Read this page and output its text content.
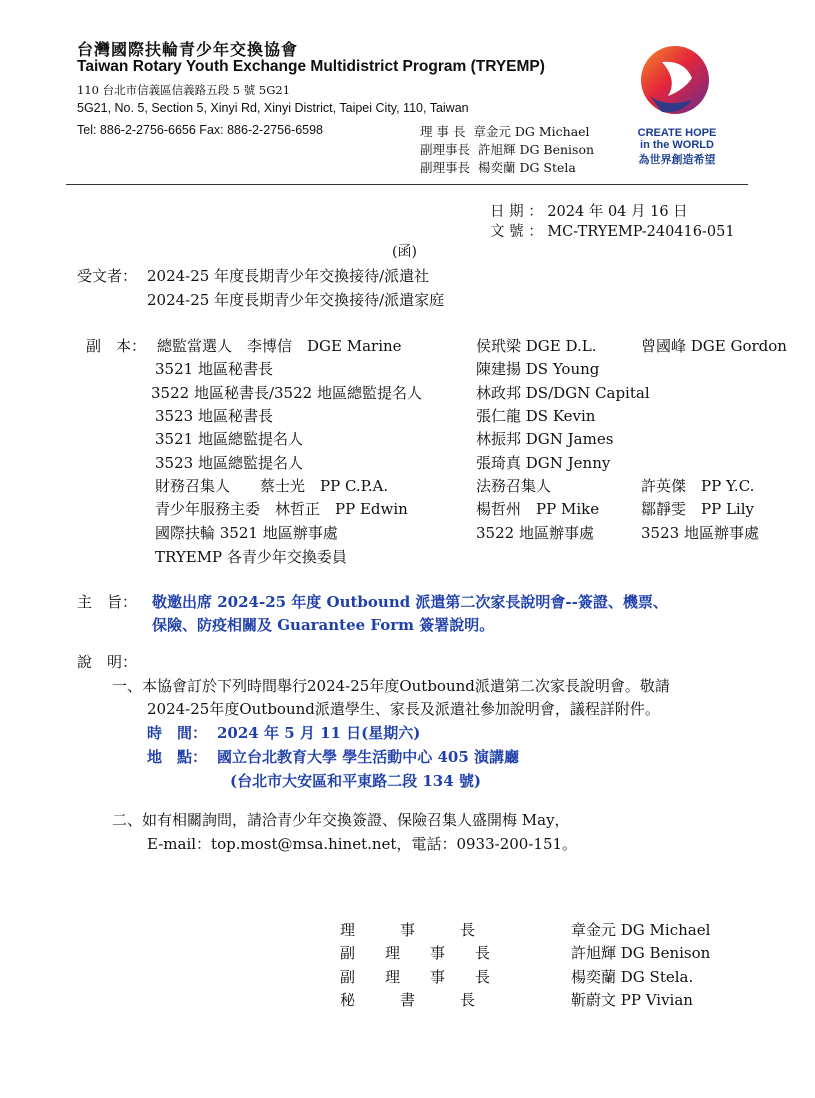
台灣國際扶輪青少年交換協會
Taiwan Rotary Youth Exchange Multidistrict Program (TRYEMP)
110 台北市信義區信義路五段 5 號 5G21
5G21, No. 5, Section 5, Xinyi Rd, Xinyi District, Taipei City, 110, Taiwan
Tel: 886-2-2756-6656 Fax: 886-2-2756-6598	理 事 長 章金元 DG Michael
副理事長 許旭輝 DG Benison
副理事長 楊奕蘭 DG Stela
CREATE HOPE
in the WORLD
為世界創造希望
日 期 ： 2024 年 04 月 16 日
文 號 ： MC-TRYEMP-240416-051
(函)
受文者： 2024-25 年度長期青少年交換接待/派遣社
2024-25 年度長期青少年交換接待/派遣家庭
副　本： 總監當選人　李博信　DGE Marine	侯玳梁 DGE D.L.	曾國峰 DGE Gordon
3521 地區秘書長	陳建揚 DS Young
3522 地區秘書長/3522 地區總監提名人	林政邦 DS/DGN Capital
3523 地區秘書長	張仁龍 DS Kevin
3521 地區總監提名人	林振邦 DGN James
3523 地區總監提名人	張琦真 DGN Jenny
財務召集人　　蔡士光　PP C.P.A.	法務召集人	許英傑　PP Y.C.
青少年服務主委　林哲正　PP Edwin	楊哲州　PP Mike	鄒靜雯　PP Lily
國際扶輪 3521 地區辦事處	3522 地區辦事處	3523 地區辦事處
TRYEMP 各青少年交換委員
主　旨： 敬邀出席 2024-25 年度 Outbound 派遣第二次家長說明會--簽證、機票、
保險、防疫相關及 Guarantee Form 簽署說明。
說　明：
一、本協會訂於下列時間舉行2024-25年度Outbound派遣第二次家長說明會。敬請
2024-25年度Outbound派遣學生、家長及派遣社參加說明會，議程詳附件。
時　間： 2024 年 5 月 11 日(星期六)
地　點： 國立台北教育大學 學生活動中心 405 演講廳
(台北市大安區和平東路二段 134 號)
二、如有相關詢問，請洽青少年交換簽證、保險召集人盛開梅 May，
E-mail：top.most@msa.hinet.net，電話：0933-200-151。
理　　　事　　　長	章金元 DG Michael
副　　理　　事　　長	許旭輝 DG Benison
副　　理　　事　　長	楊奕蘭 DG Stela.
秘　　　書　　　長	靳蔚文 PP Vivian
